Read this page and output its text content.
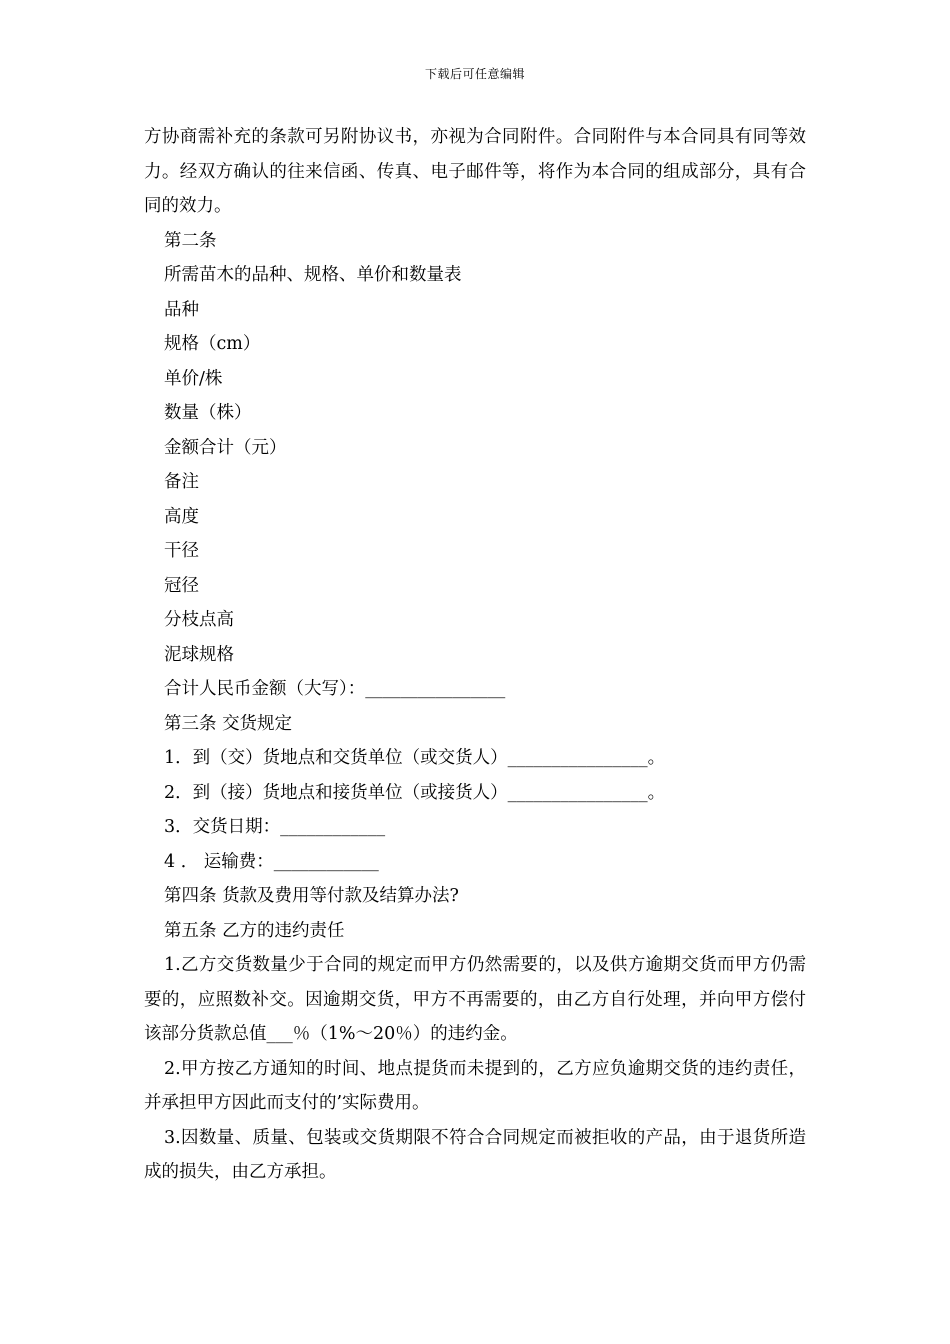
下载后可任意编辑

方协商需补充的条款可另附协议书，亦视为合同附件。合同附件与本合同具有同等效力。经双方确认的往来信函、传真、电子邮件等，将作为本合同的组成部分，具有合同的效力。

第二条

所需苗木的品种、规格、单价和数量表

品种

规格（cm）

单价/株

数量（株）

金额合计（元）

备注

高度

干径

冠径

分枝点高

泥球规格

合计人民币金额（大写）：________________

第三条 交货规定

1．到（交）货地点和交货单位（或交货人）________________。

2．到（接）货地点和接货单位（或接货人）________________。

3．交货日期：____________

4 ． 运输费：____________

第四条 货款及费用等付款及结算办法?

第五条 乙方的违约责任

1.乙方交货数量少于合同的规定而甲方仍然需要的，以及供方逾期交货而甲方仍需要的，应照数补交。因逾期交货，甲方不再需要的，由乙方自行处理，并向甲方偿付该部分货款总值___％（1%～20％）的违约金。

2.甲方按乙方通知的时间、地点提货而未提到的，乙方应负逾期交货的违约责任，并承担甲方因此而支付的’实际费用。

3.因数量、质量、包装或交货期限不符合合同规定而被拒收的产品，由于退货所造成的损失，由乙方承担。
